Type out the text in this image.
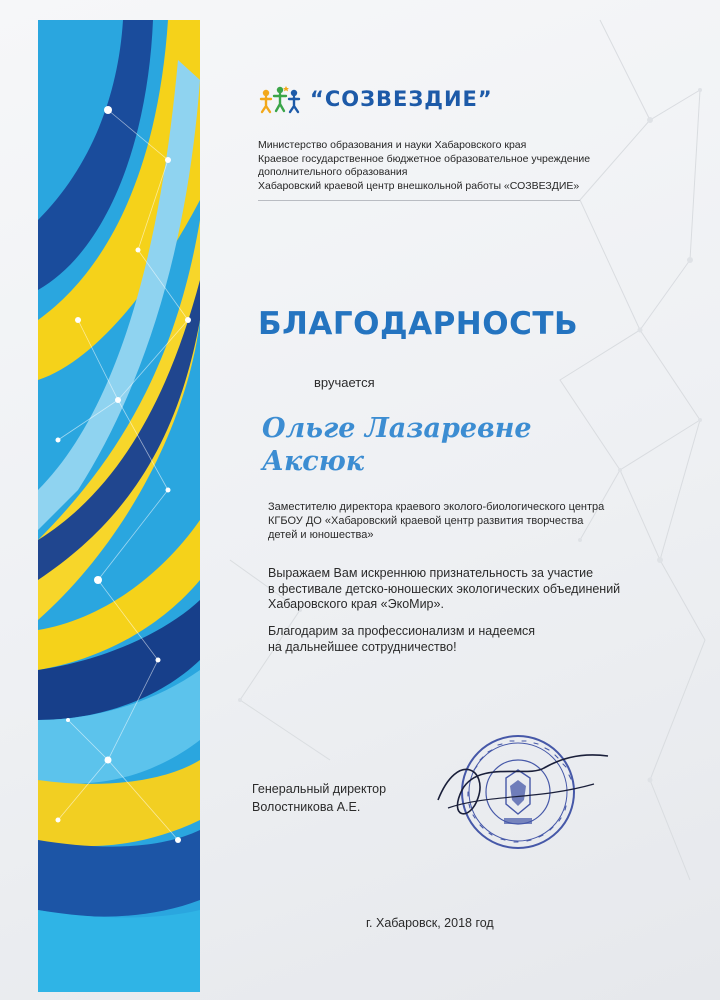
“СОЗВЕЗДИЕ”
Министерство образования и науки Хабаровского края
Краевое государственное бюджетное образовательное учреждение
дополнительного образования
Хабаровский краевой центр внешкольной работы «СОЗВЕЗДИЕ»
БЛАГОДАРНОСТЬ
вручается
Ольге Лазаревне
Аксюк
Заместителю директора краевого эколого-биологического центра
КГБОУ ДО «Хабаровский краевой центр развития творчества
детей и юношества»
Выражаем Вам искреннюю признательность за участие
в фестивале детско-юношеских экологических объединений
Хабаровского края «ЭкоМир».
Благодарим за профессионализм и надеемся
на дальнейшее сотрудничество!
Генеральный директор
Волостникова А.Е.
г. Хабаровск, 2018 год
